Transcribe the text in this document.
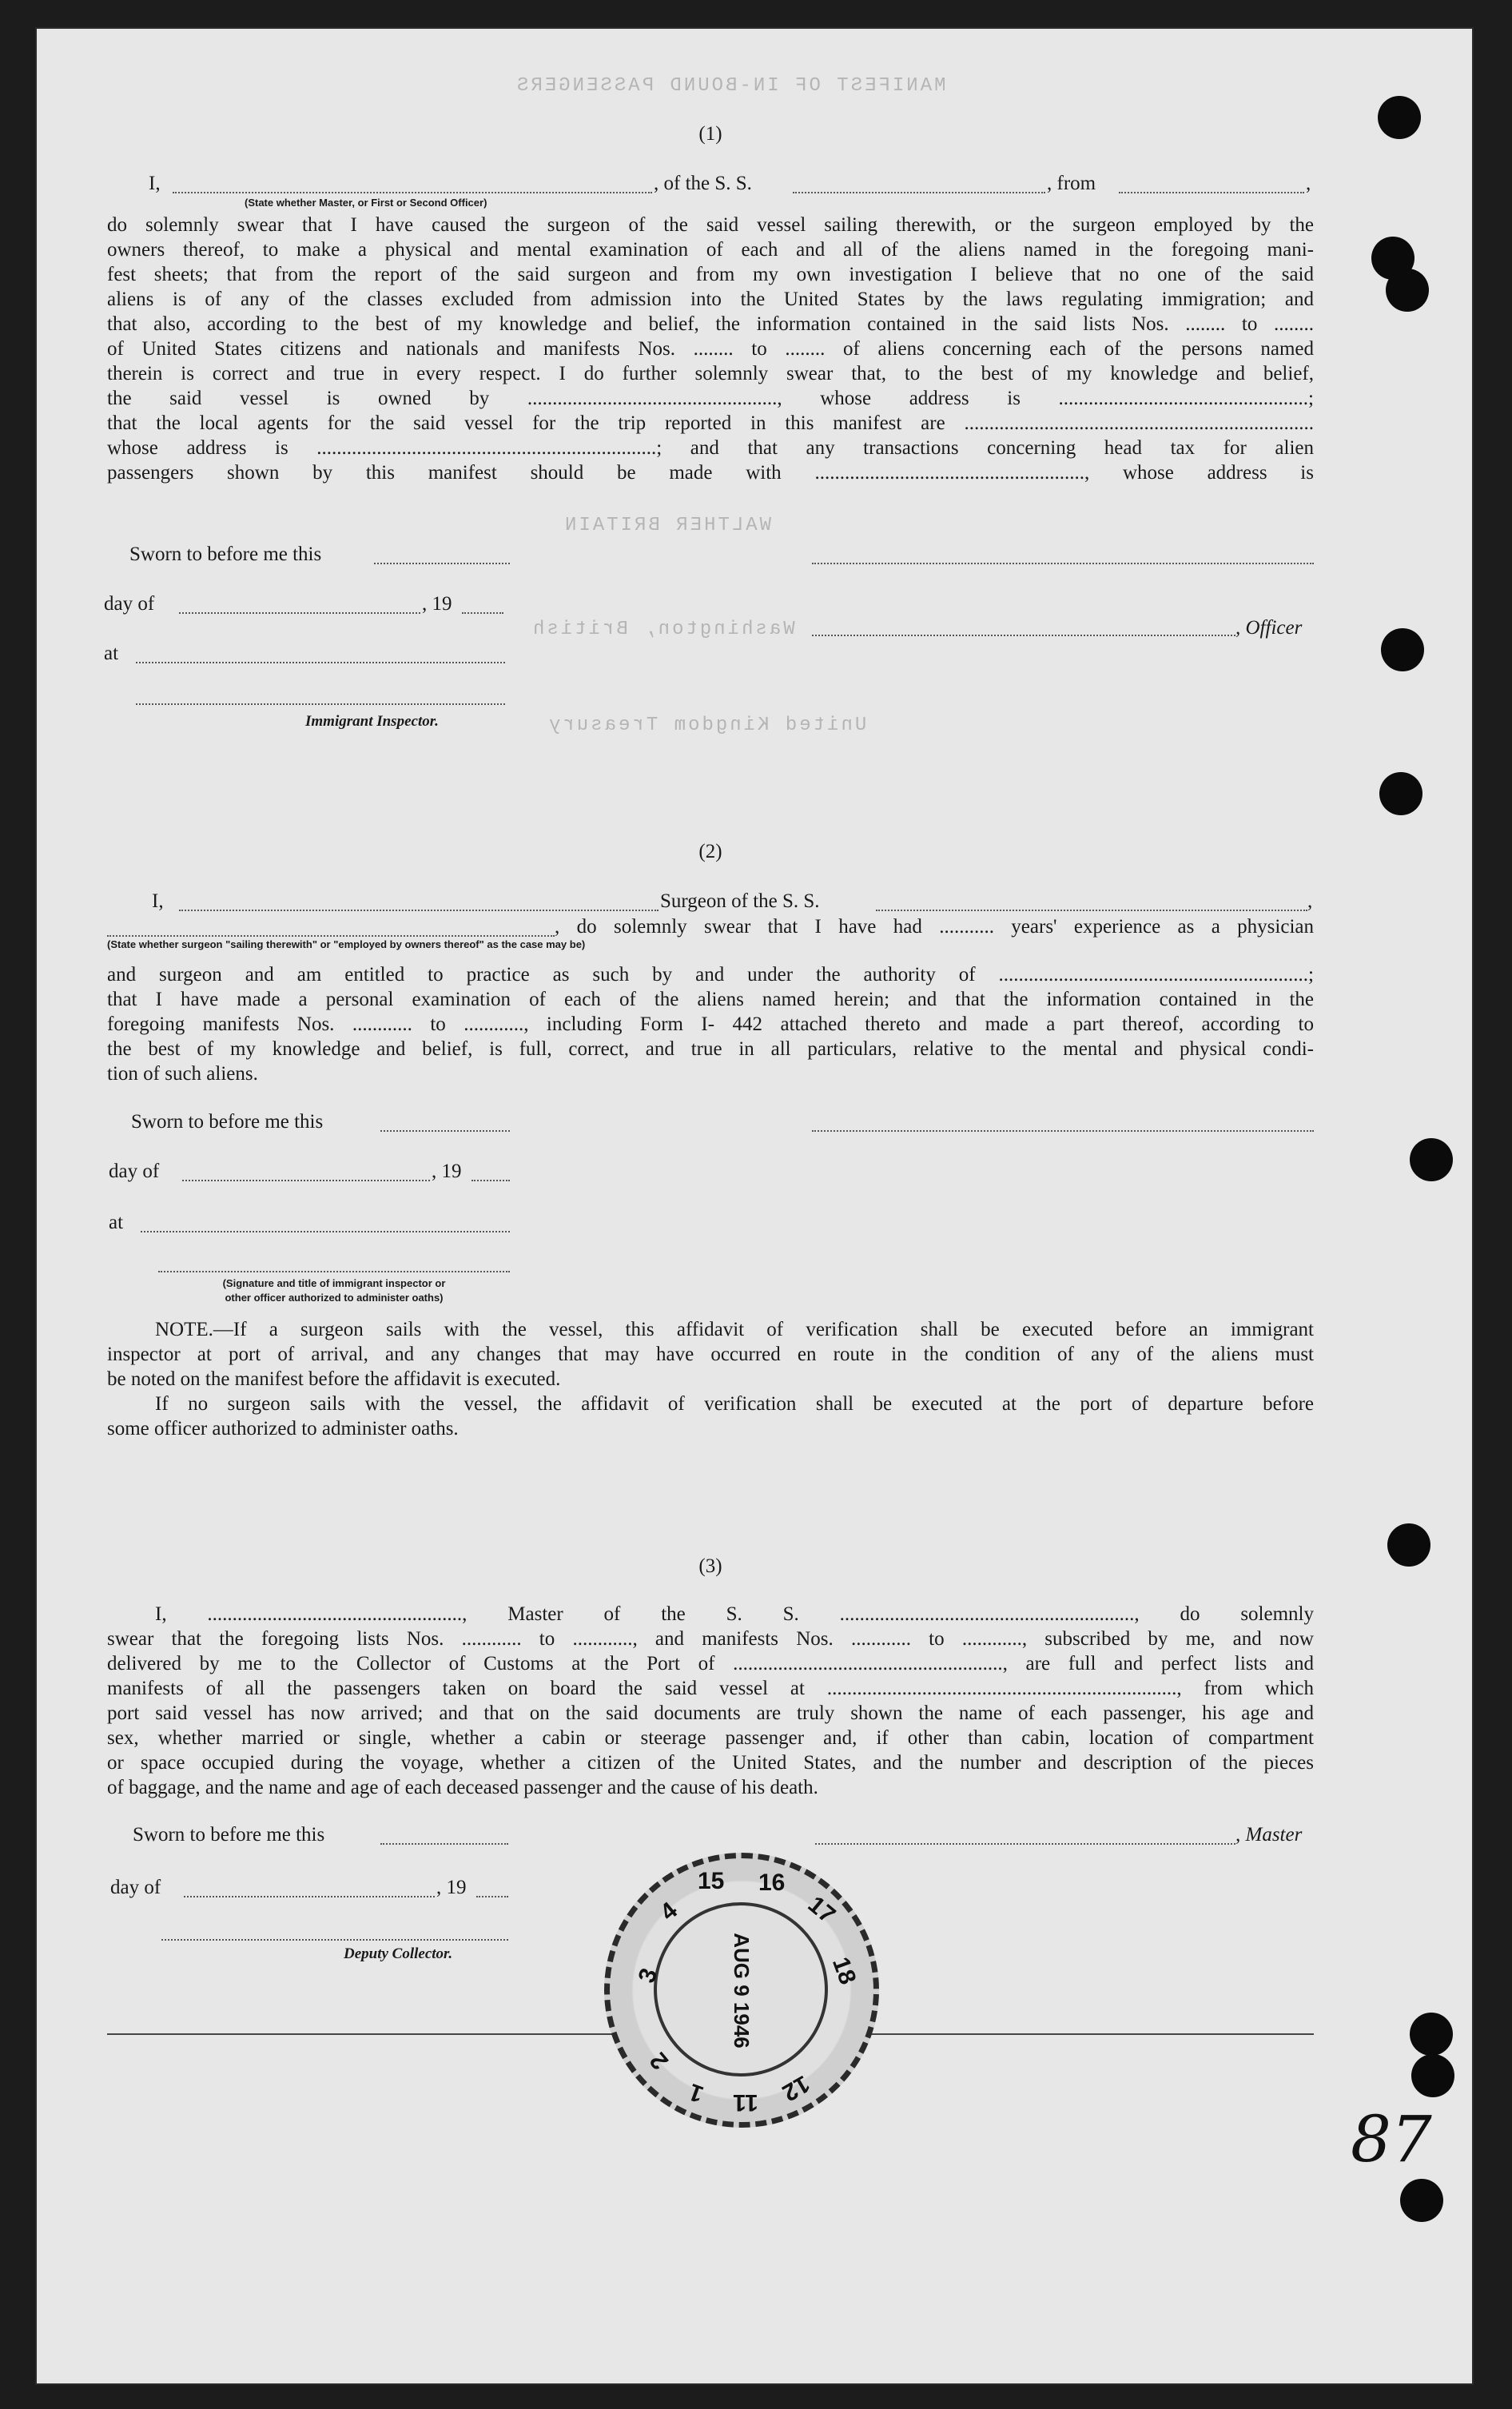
MANIFEST OF IN-BOUND PASSENGERS
WALTHER BRITAIN
Washington, British
United Kingdom Treasury
(1)
I,	, of the S. S.	, from	,
(State whether Master, or First or Second Officer)
do solemnly swear that I have caused the surgeon of the said vessel sailing therewith, or the surgeon employed by the
owners thereof, to make a physical and mental examination of each and all of the aliens named in the foregoing mani-
fest sheets; that from the report of the said surgeon and from my own investigation I believe that no one of the said
aliens is of any of the classes excluded from admission into the United States by the laws regulating immigration; and
that also, according to the best of my knowledge and belief, the information contained in the said lists Nos. ........ to ........
of United States citizens and nationals and manifests Nos. ........ to ........ of aliens concerning each of the persons named
therein is correct and true in every respect. I do further solemnly swear that, to the best of my knowledge and belief,
the said vessel is owned by .................................................., whose address is ..................................................;
that the local agents for the said vessel for the trip reported in this manifest are ......................................................................
whose address is ....................................................................; and that any transactions concerning head tax for alien
passengers shown by this manifest should be made with ......................................................, whose address is
Sworn to before me this
day of	, 19
, Officer
at
Immigrant Inspector.
(2)
I,	Surgeon of the S. S.	,
, do solemnly swear that I have had ........... years' experience as a physician
(State whether surgeon "sailing therewith" or "employed by owners thereof" as the case may be)
and surgeon and am entitled to practice as such by and under the authority of ..............................................................;
that I have made a personal examination of each of the aliens named herein; and that the information contained in the
foregoing manifests Nos. ............ to ............, including Form I- 442 attached thereto and made a part thereof, according to
the best of my knowledge and belief, is full, correct, and true in all particulars, relative to the mental and physical condi-
tion of such aliens.
Sworn to before me this
day of	, 19
at
(Signature and title of immigrant inspector or
other officer authorized to administer oaths)
NOTE.—If a surgeon sails with the vessel, this affidavit of verification shall be executed before an immigrant
inspector at port of arrival, and any changes that may have occurred en route in the condition of any of the aliens must
be noted on the manifest before the affidavit is executed.
If no surgeon sails with the vessel, the affidavit of verification shall be executed at the port of departure before
some officer authorized to administer oaths.
(3)
I, ..................................................., Master of the S. S. ..........................................................., do solemnly
swear that the foregoing lists Nos. ............ to ............, and manifests Nos. ............ to ............, subscribed by me, and now
delivered by me to the Collector of Customs at the Port of ......................................................, are full and perfect lists and
manifests of all the passengers taken on board the said vessel at ......................................................................, from which
port said vessel has now arrived; and that on the said documents are truly shown the name of each passenger, his age and
sex, whether married or single, whether a cabin or steerage passenger and, if other than cabin, location of compartment
or space occupied during the voyage, whether a citizen of the United States, and the number and description of the pieces
of baggage, and the name and age of each deceased passenger and the cause of his death.
Sworn to before me this	, Master
day of	, 19
Deputy Collector.
3
4
15 16
17
18
2
1 11 12
AUG 9 1946
87
